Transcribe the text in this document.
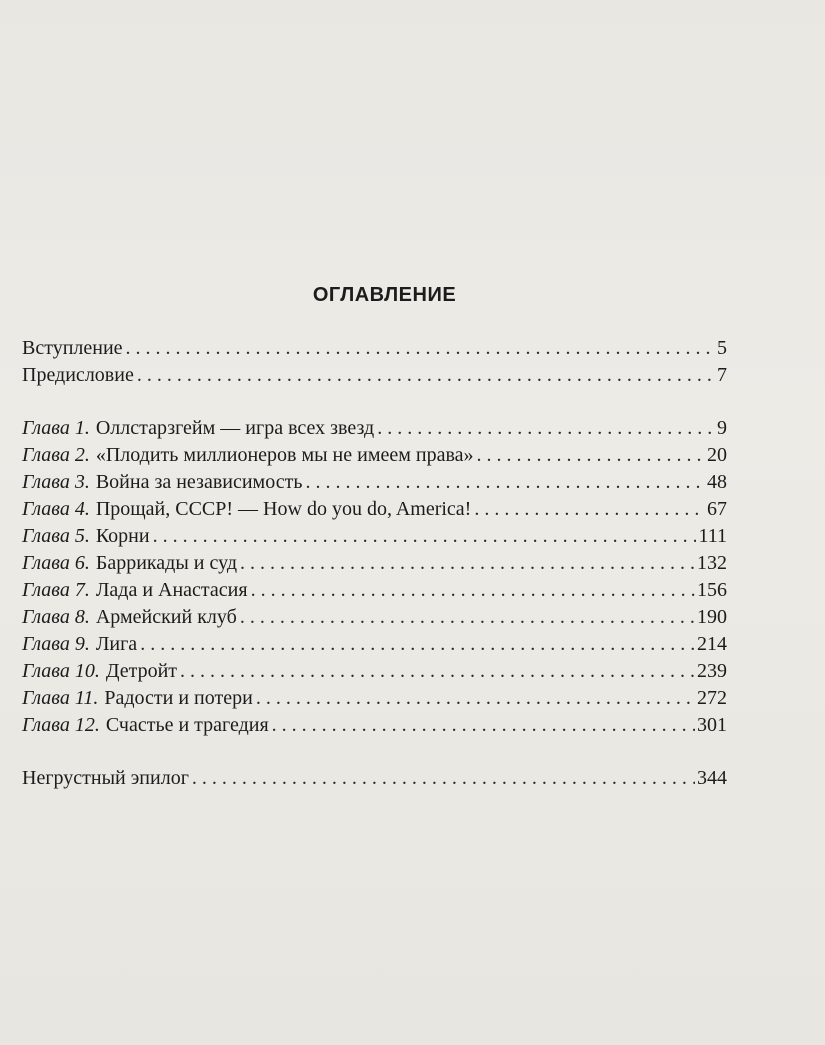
ОГЛАВЛЕНИЕ
Вступление . . .	5
Предисловие . . .	7
Глава 1. Оллстарзгейм — игра всех звезд . . .	9
Глава 2. «Плодить миллионеров мы не имеем права» . . .	20
Глава 3. Война за независимость . . .	48
Глава 4. Прощай, СССР! — How do you do, America! . . .	67
Глава 5. Корни . . .	111
Глава 6. Баррикады и суд . . .	132
Глава 7. Лада и Анастасия . . .	156
Глава 8. Армейский клуб . . .	190
Глава 9. Лига . . .	214
Глава 10. Детройт . . .	239
Глава 11. Радости и потери . . .	272
Глава 12. Счастье и трагедия . . .	301
Негрустный эпилог . . .	344
